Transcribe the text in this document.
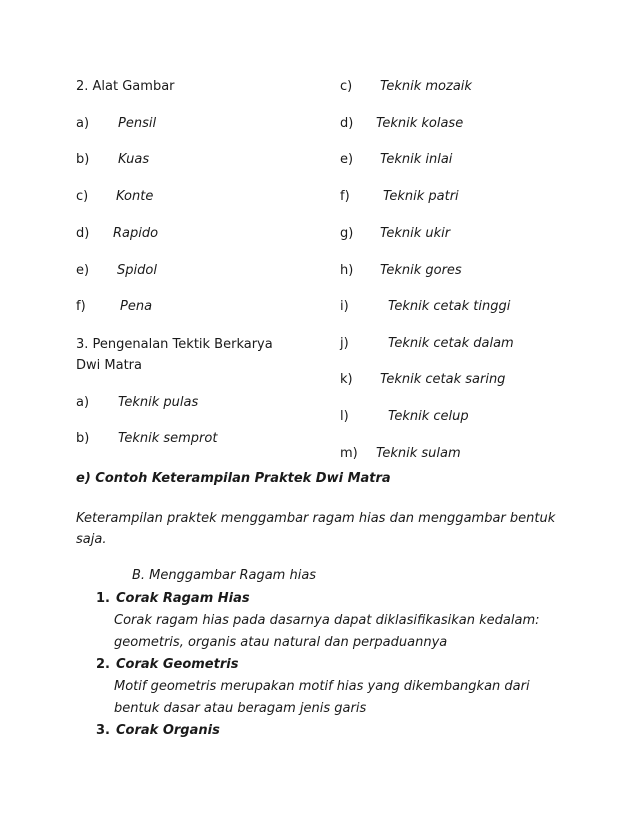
2. Alat Gambar
a) Pensil
b) Kuas
c) Konte
d) Rapido
e) Spidol
f)	Pena
3. Pengenalan Tektik Berkarya
Dwi Matra
a) Teknik pulas
b) Teknik semprot
c) Teknik mozaik
d) Teknik kolase
e) Teknik inlai
f)	Teknik patri
g) Teknik ukir
h) Teknik gores
i)	Teknik cetak tinggi
j)	Teknik cetak dalam
k) Teknik cetak saring
l)	Teknik celup
m) Teknik sulam
e) Contoh Keterampilan Praktek Dwi Matra
Keterampilan praktek menggambar ragam hias dan menggambar bentuk
saja.
B. Menggambar Ragam hias
1. Corak Ragam Hias
Corak ragam hias pada dasarnya dapat diklasifikasikan kedalam:
geometris, organis atau natural dan perpaduannya
2. Corak Geometris
Motif geometris merupakan motif hias yang dikembangkan dari
bentuk dasar atau beragam jenis garis
3. Corak Organis
